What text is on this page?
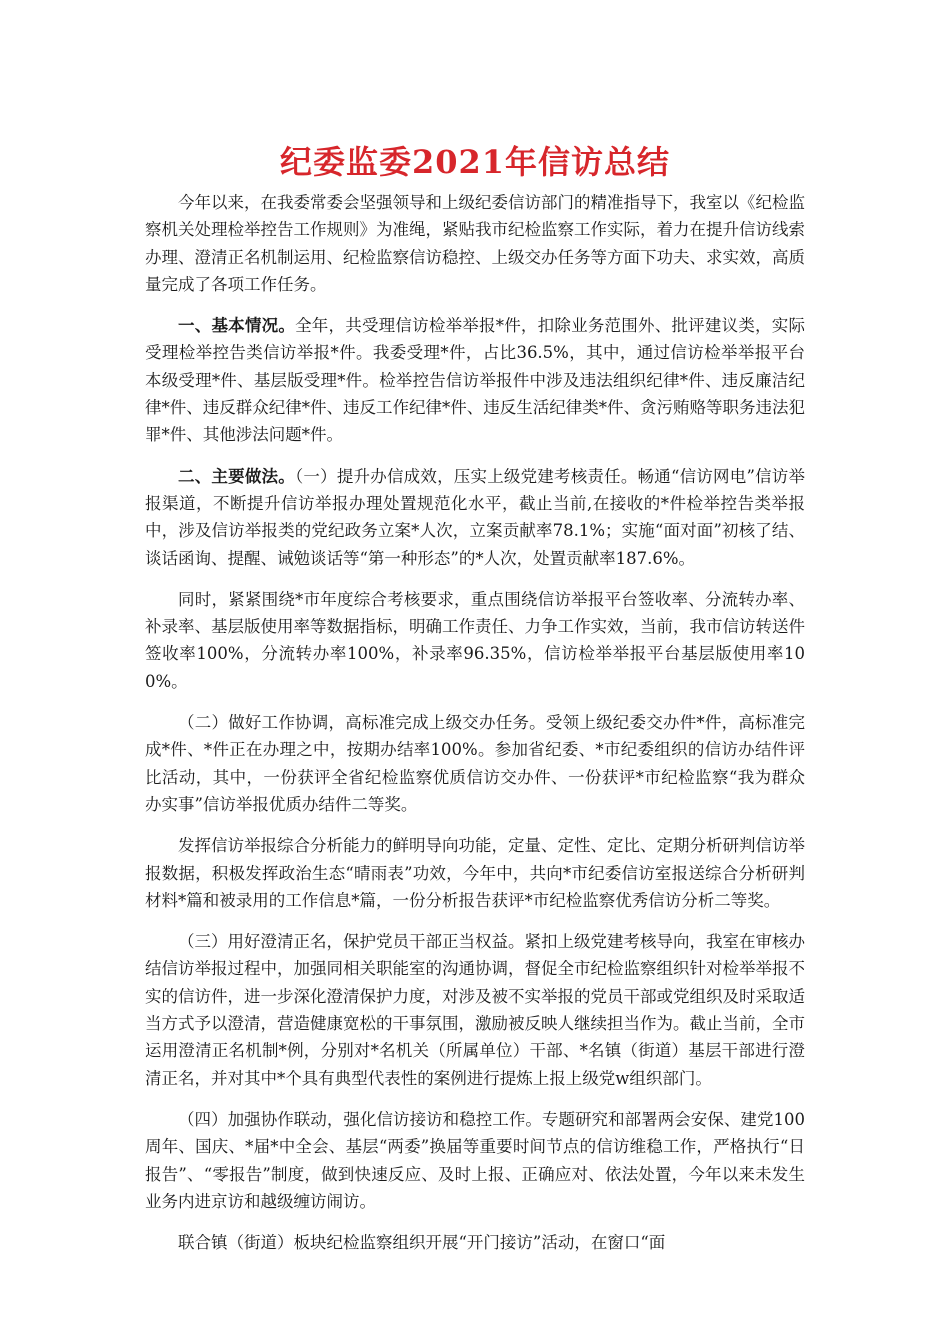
纪委监委2021年信访总结

今年以来，在我委常委会坚强领导和上级纪委信访部门的精准指导下，我室以《纪检监察机关处理检举控告工作规则》为准绳，紧贴我市纪检监察工作实际，着力在提升信访线索办理、澄清正名机制运用、纪检监察信访稳控、上级交办任务等方面下功夫、求实效，高质量完成了各项工作任务。

一、基本情况。全年，共受理信访检举举报*件，扣除业务范围外、批评建议类，实际受理检举控告类信访举报*件。我委受理*件，占比36.5%，其中，通过信访检举举报平台本级受理*件、基层版受理*件。检举控告信访举报件中涉及违法组织纪律*件、违反廉洁纪律*件、违反群众纪律*件、违反工作纪律*件、违反生活纪律类*件、贪污贿赂等职务违法犯罪*件、其他涉法问题*件。

二、主要做法。（一）提升办信成效，压实上级党建考核责任。畅通“信访网电”信访举报渠道，不断提升信访举报办理处置规范化水平，截止当前,在接收的*件检举控告类举报中，涉及信访举报类的党纪政务立案*人次，立案贡献率78.1%；实施“面对面”初核了结、谈话函询、提醒、诫勉谈话等“第一种形态”的*人次，处置贡献率187.6%。

同时，紧紧围绕*市年度综合考核要求，重点围绕信访举报平台签收率、分流转办率、补录率、基层版使用率等数据指标，明确工作责任、力争工作实效，当前，我市信访转送件签收率100%，分流转办率100%，补录率96.35%，信访检举举报平台基层版使用率100%。

（二）做好工作协调，高标准完成上级交办任务。受领上级纪委交办件*件，高标准完成*件、*件正在办理之中，按期办结率100%。参加省纪委、*市纪委组织的信访办结件评比活动，其中，一份获评全省纪检监察优质信访交办件、一份获评*市纪检监察“我为群众办实事”信访举报优质办结件二等奖。

发挥信访举报综合分析能力的鲜明导向功能，定量、定性、定比、定期分析研判信访举报数据，积极发挥政治生态“晴雨表”功效，今年中，共向*市纪委信访室报送综合分析研判材料*篇和被录用的工作信息*篇，一份分析报告获评*市纪检监察优秀信访分析二等奖。

（三）用好澄清正名，保护党员干部正当权益。紧扣上级党建考核导向，我室在审核办结信访举报过程中，加强同相关职能室的沟通协调，督促全市纪检监察组织针对检举举报不实的信访件，进一步深化澄清保护力度，对涉及被不实举报的党员干部或党组织及时采取适当方式予以澄清，营造健康宽松的干事氛围，激励被反映人继续担当作为。截止当前，全市运用澄清正名机制*例，分别对*名机关（所属单位）干部、*名镇（街道）基层干部进行澄清正名，并对其中*个具有典型代表性的案例进行提炼上报上级党w组织部门。

（四）加强协作联动，强化信访接访和稳控工作。专题研究和部署两会安保、建党100周年、国庆、*届*中全会、基层“两委”换届等重要时间节点的信访维稳工作，严格执行“日报告”、“零报告”制度，做到快速反应、及时上报、正确应对、依法处置，今年以来未发生业务内进京访和越级缠访闹访。

联合镇（街道）板块纪检监察组织开展“开门接访”活动，在窗口“面
